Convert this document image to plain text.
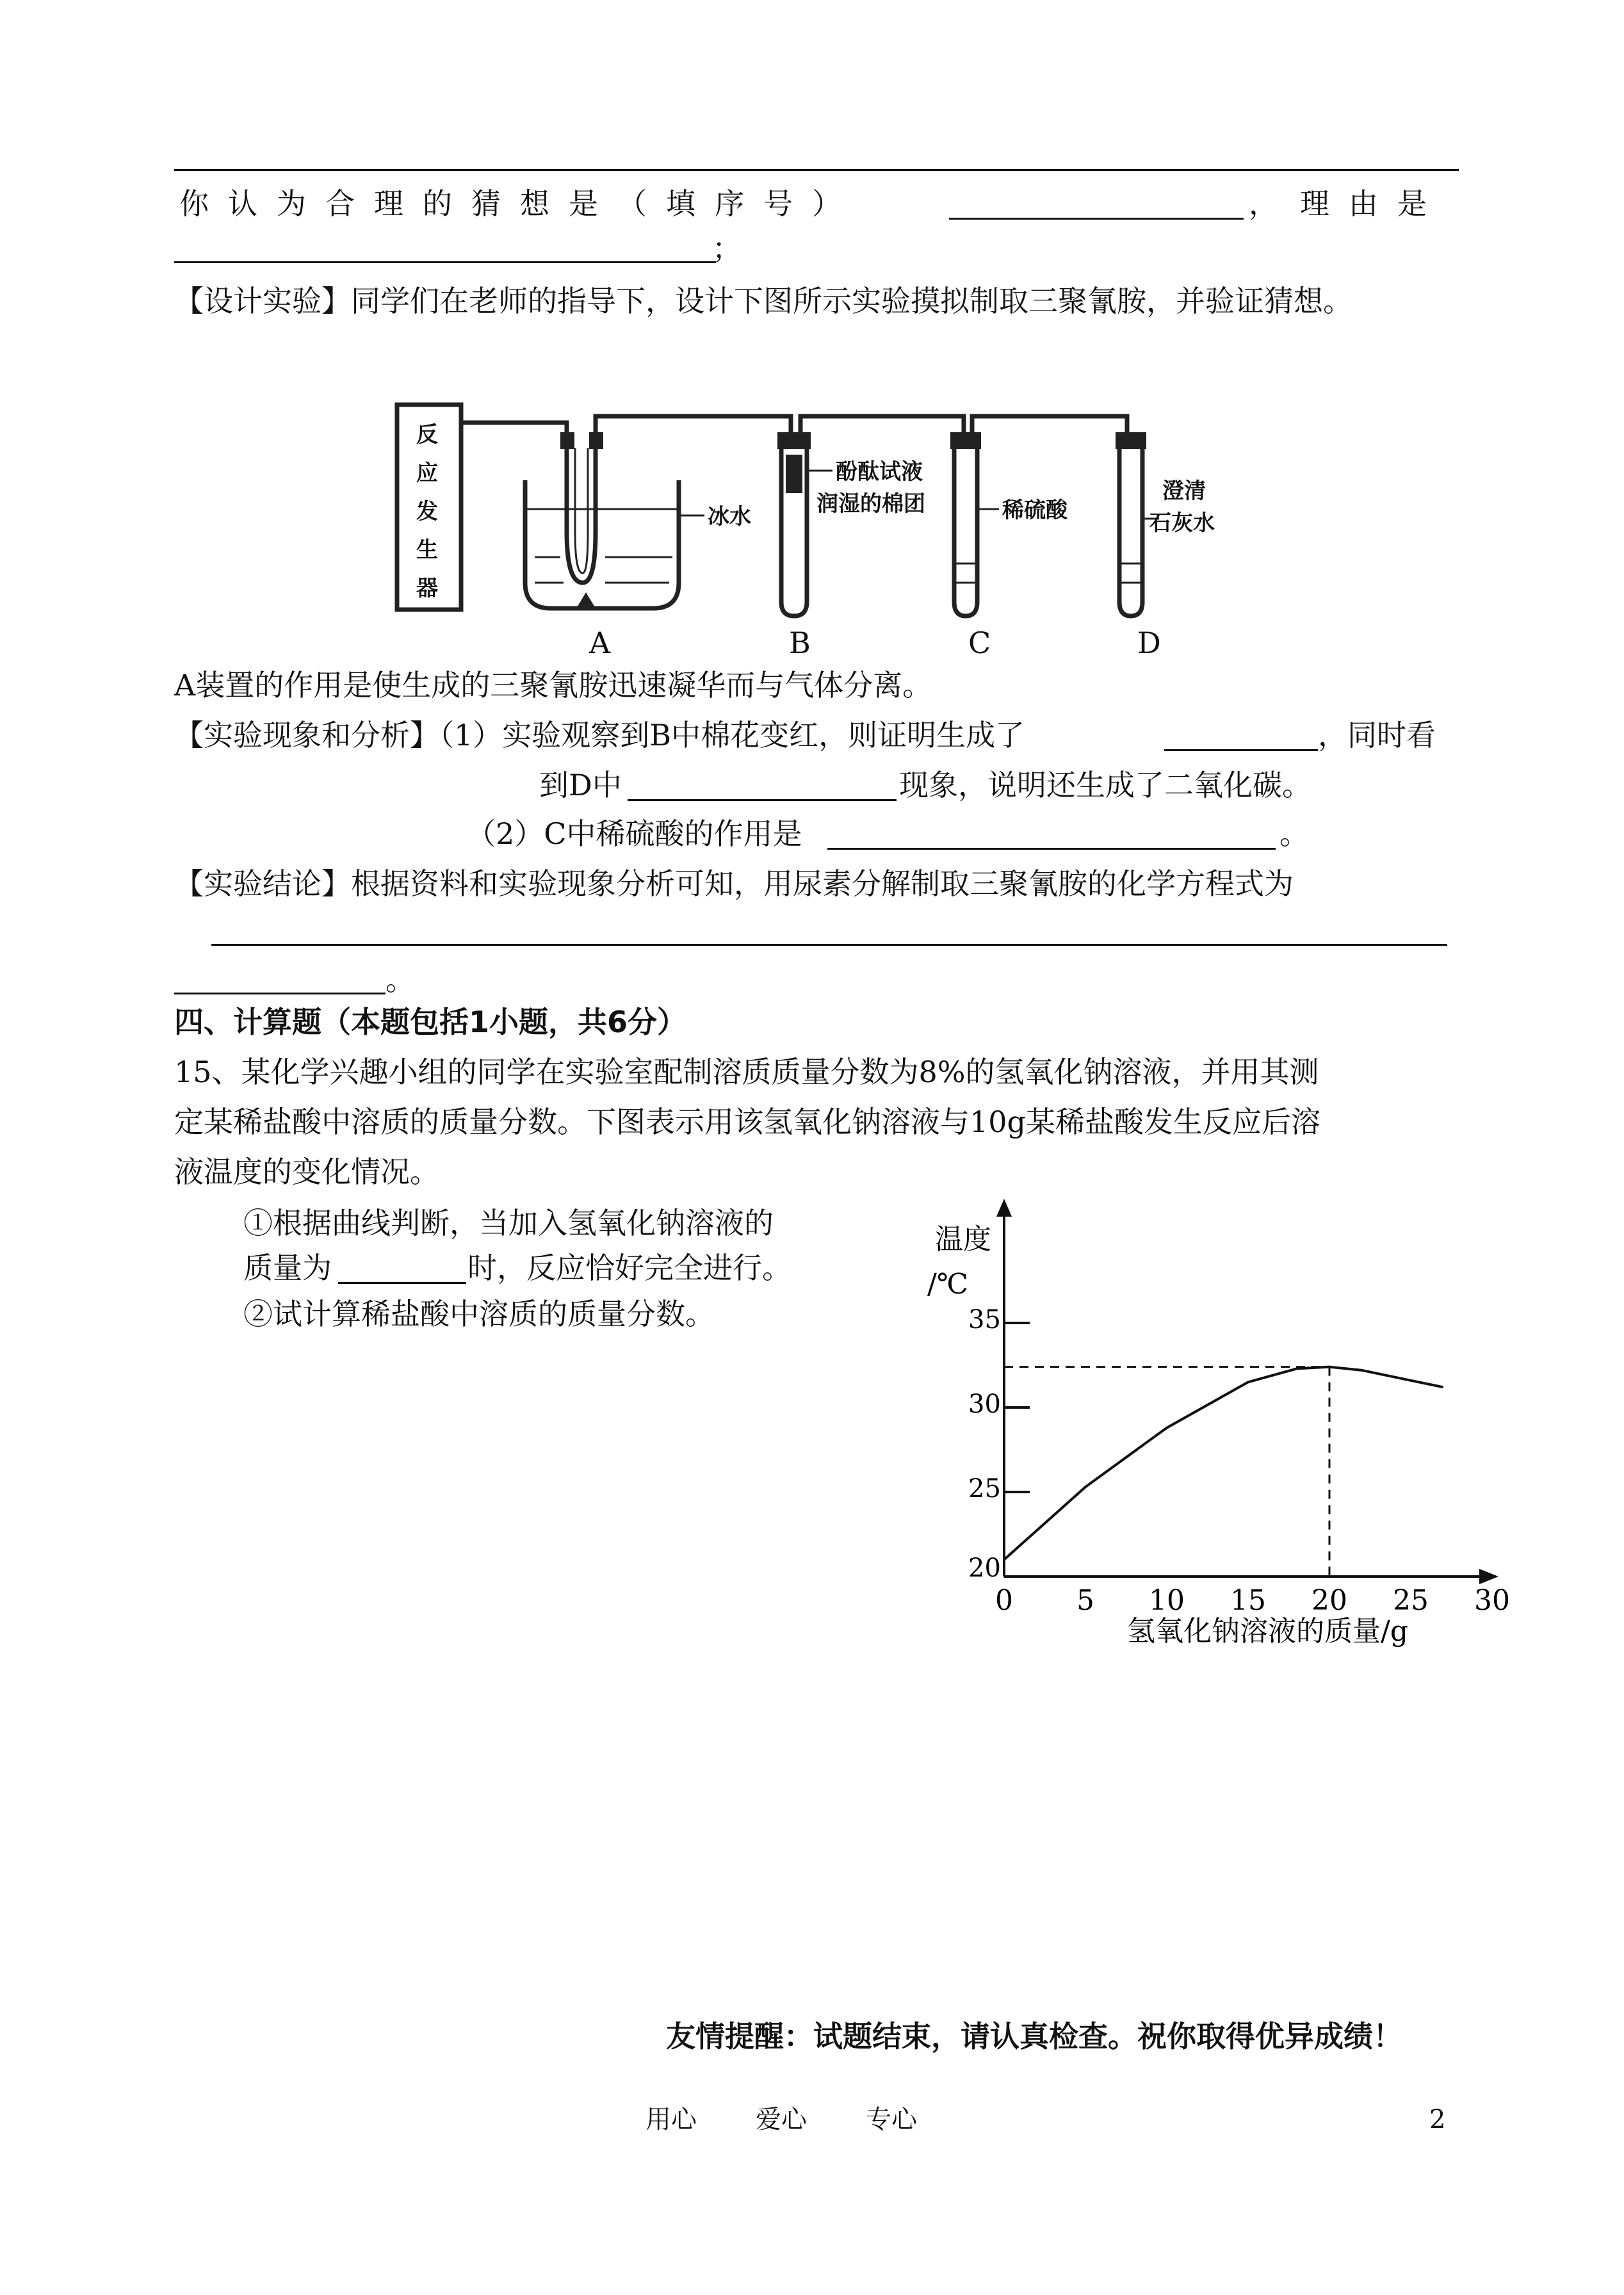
你认为合理的猜想是（填序号）	， 理由是
；
【设计实验】同学们在老师的指导下，设计下图所示实验摸拟制取三聚氰胺，并验证猜想。
反
应
发
生
器
冰水
酚酞试液
润湿的棉团	稀硫酸
澄清
石灰水
A	B	C	D
A装置的作用是使生成的三聚氰胺迅速凝华而与气体分离。
【实验现象和分析】（1）实验观察到B中棉花变红，则证明生成了	，同时看
到D中	现象，说明还生成了二氧化碳。
（2）C中稀硫酸的作用是	。
【实验结论】根据资料和实验现象分析可知，用尿素分解制取三聚氰胺的化学方程式为
。
四、计算题（本题包括1小题，共6分）
15、某化学兴趣小组的同学在实验室配制溶质质量分数为8%的氢氧化钠溶液，并用其测
定某稀盐酸中溶质的质量分数。下图表示用该氢氧化钠溶液与10g某稀盐酸发生反应后溶
液温度的变化情况。
①根据曲线判断，当加入氢氧化钠溶液的
质量为	时，反应恰好完全进行。
②试计算稀盐酸中溶质的质量分数。
温度
/℃
氢氧化钠溶液的质量/g
0 5 10 15 20 25 30
20
25
30
35
友情提醒：试题结束，请认真检查。祝你取得优异成绩！
用心 爱心 专心	2
